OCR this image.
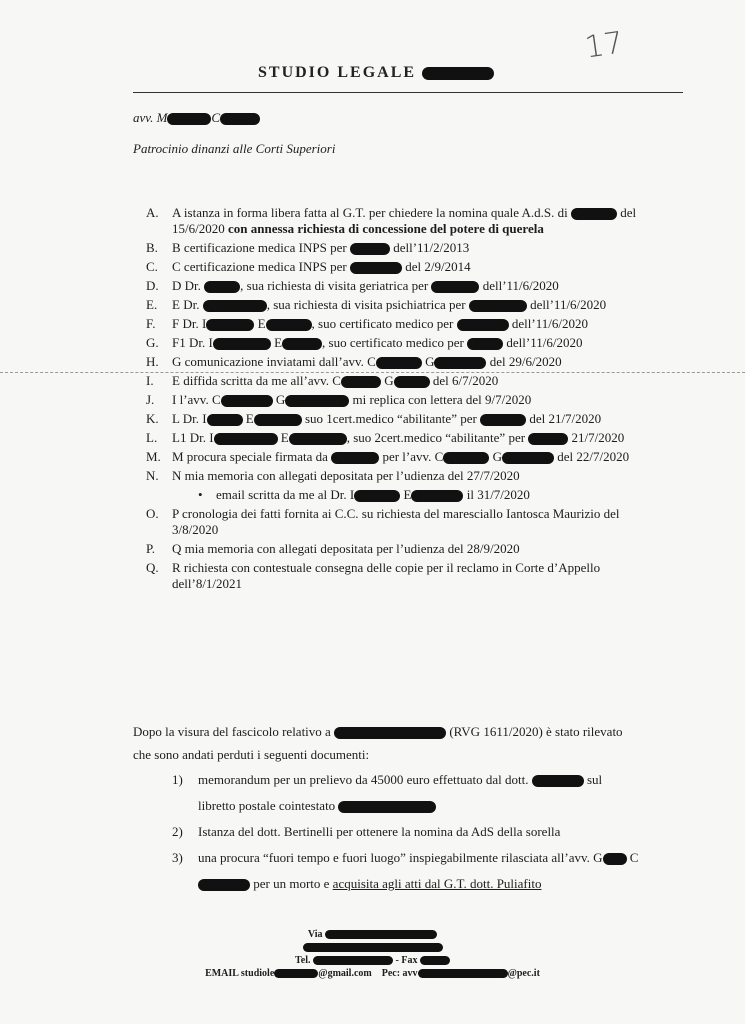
17
STUDIO LEGALE
avv. M	C
Patrocinio dinanzi alle Corti Superiori
A. A istanza in forma libera fatta al G.T. per chiedere la nomina quale A.d.S. di	del 15/6/2020 con annessa richiesta di concessione del potere di querela
B. B certificazione medica INPS per	dell’11/2/2013
C. C certificazione medica INPS per	del 2/9/2014
D. D Dr.	, sua richiesta di visita geriatrica per	dell’11/6/2020
E. E Dr.	, sua richiesta di visita psichiatrica per	dell’11/6/2020
F. F Dr. I	E	, suo certificato medico per	dell’11/6/2020
G. F1 Dr. I	E	, suo certificato medico per	dell’11/6/2020
H. G comunicazione inviatami dall’avv. C	G	del 29/6/2020
I. E diffida scritta da me all’avv. C	G	del 6/7/2020
J. I l’avv. C	G	mi replica con lettera del 9/7/2020
K. L Dr. I	E	suo 1cert.medico “abilitante” per	del 21/7/2020
L. L1 Dr. I	E	, suo 2cert.medico “abilitante” per	21/7/2020
M. M procura speciale firmata da	per l’avv. C	G	del 22/7/2020
N. N mia memoria con allegati depositata per l’udienza del 27/7/2020
• email scritta da me al Dr. I	E	il 31/7/2020
O. P cronologia dei fatti fornita ai C.C. su richiesta del maresciallo Iantosca Maurizio del 3/8/2020
P. Q mia memoria con allegati depositata per l’udienza del 28/9/2020
Q. R richiesta con contestuale consegna delle copie per il reclamo in Corte d’Appello dell’8/1/2021
Dopo la visura del fascicolo relativo a	(RVG 1611/2020) è stato rilevato che sono andati perduti i seguenti documenti:
1) memorandum per un prelievo da 45000 euro effettuato dal dott.	sul libretto postale cointestato
2) Istanza del dott. Bertinelli per ottenere la nomina da AdS della sorella
3) una procura “fuori tempo e fuori luogo” inspiegabilmente rilasciata all’avv. G C per un morto e acquisita agli atti dal G.T. dott. Puliafito
Via
Tel.	- Fax
EMAIL studiole	@gmail.com Pec: avv	@pec.it
